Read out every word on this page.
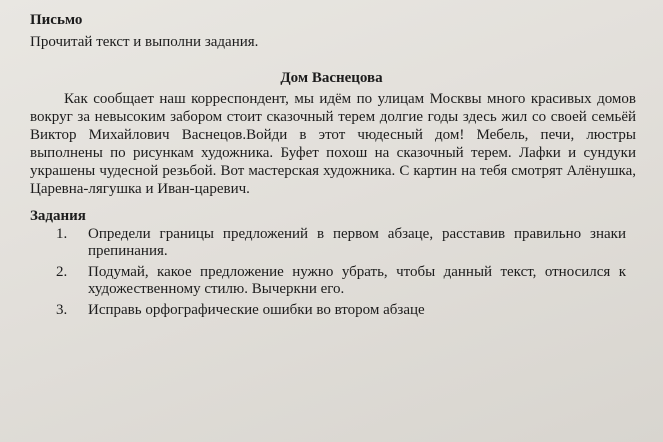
Письмо
Прочитай текст и выполни задания.
Дом Васнецова

Как сообщает наш корреспондент, мы идём по улицам Москвы много красивых домов вокруг за невысоким забором стоит сказочный терем долгие годы здесь жил со своей семьёй Виктор Михайлович Васнецов.Войди в этот чюдесный дом! Мебель, печи, люстры выполнены по рисункам художника. Буфет похош на сказочный терем. Лафки и сундуки украшены чудесной резьбой. Вот мастерская художника. С картин на тебя смотрят Алёнушка, Царевна-лягушка и Иван-царевич.

Задания
1.	Определи границы предложений в первом абзаце, расставив правильно знаки препинания.
2.	Подумай, какое предложение нужно убрать, чтобы данный текст, относился к художественному стилю. Вычеркни его.
3.	Исправь орфографические ошибки во втором абзаце
